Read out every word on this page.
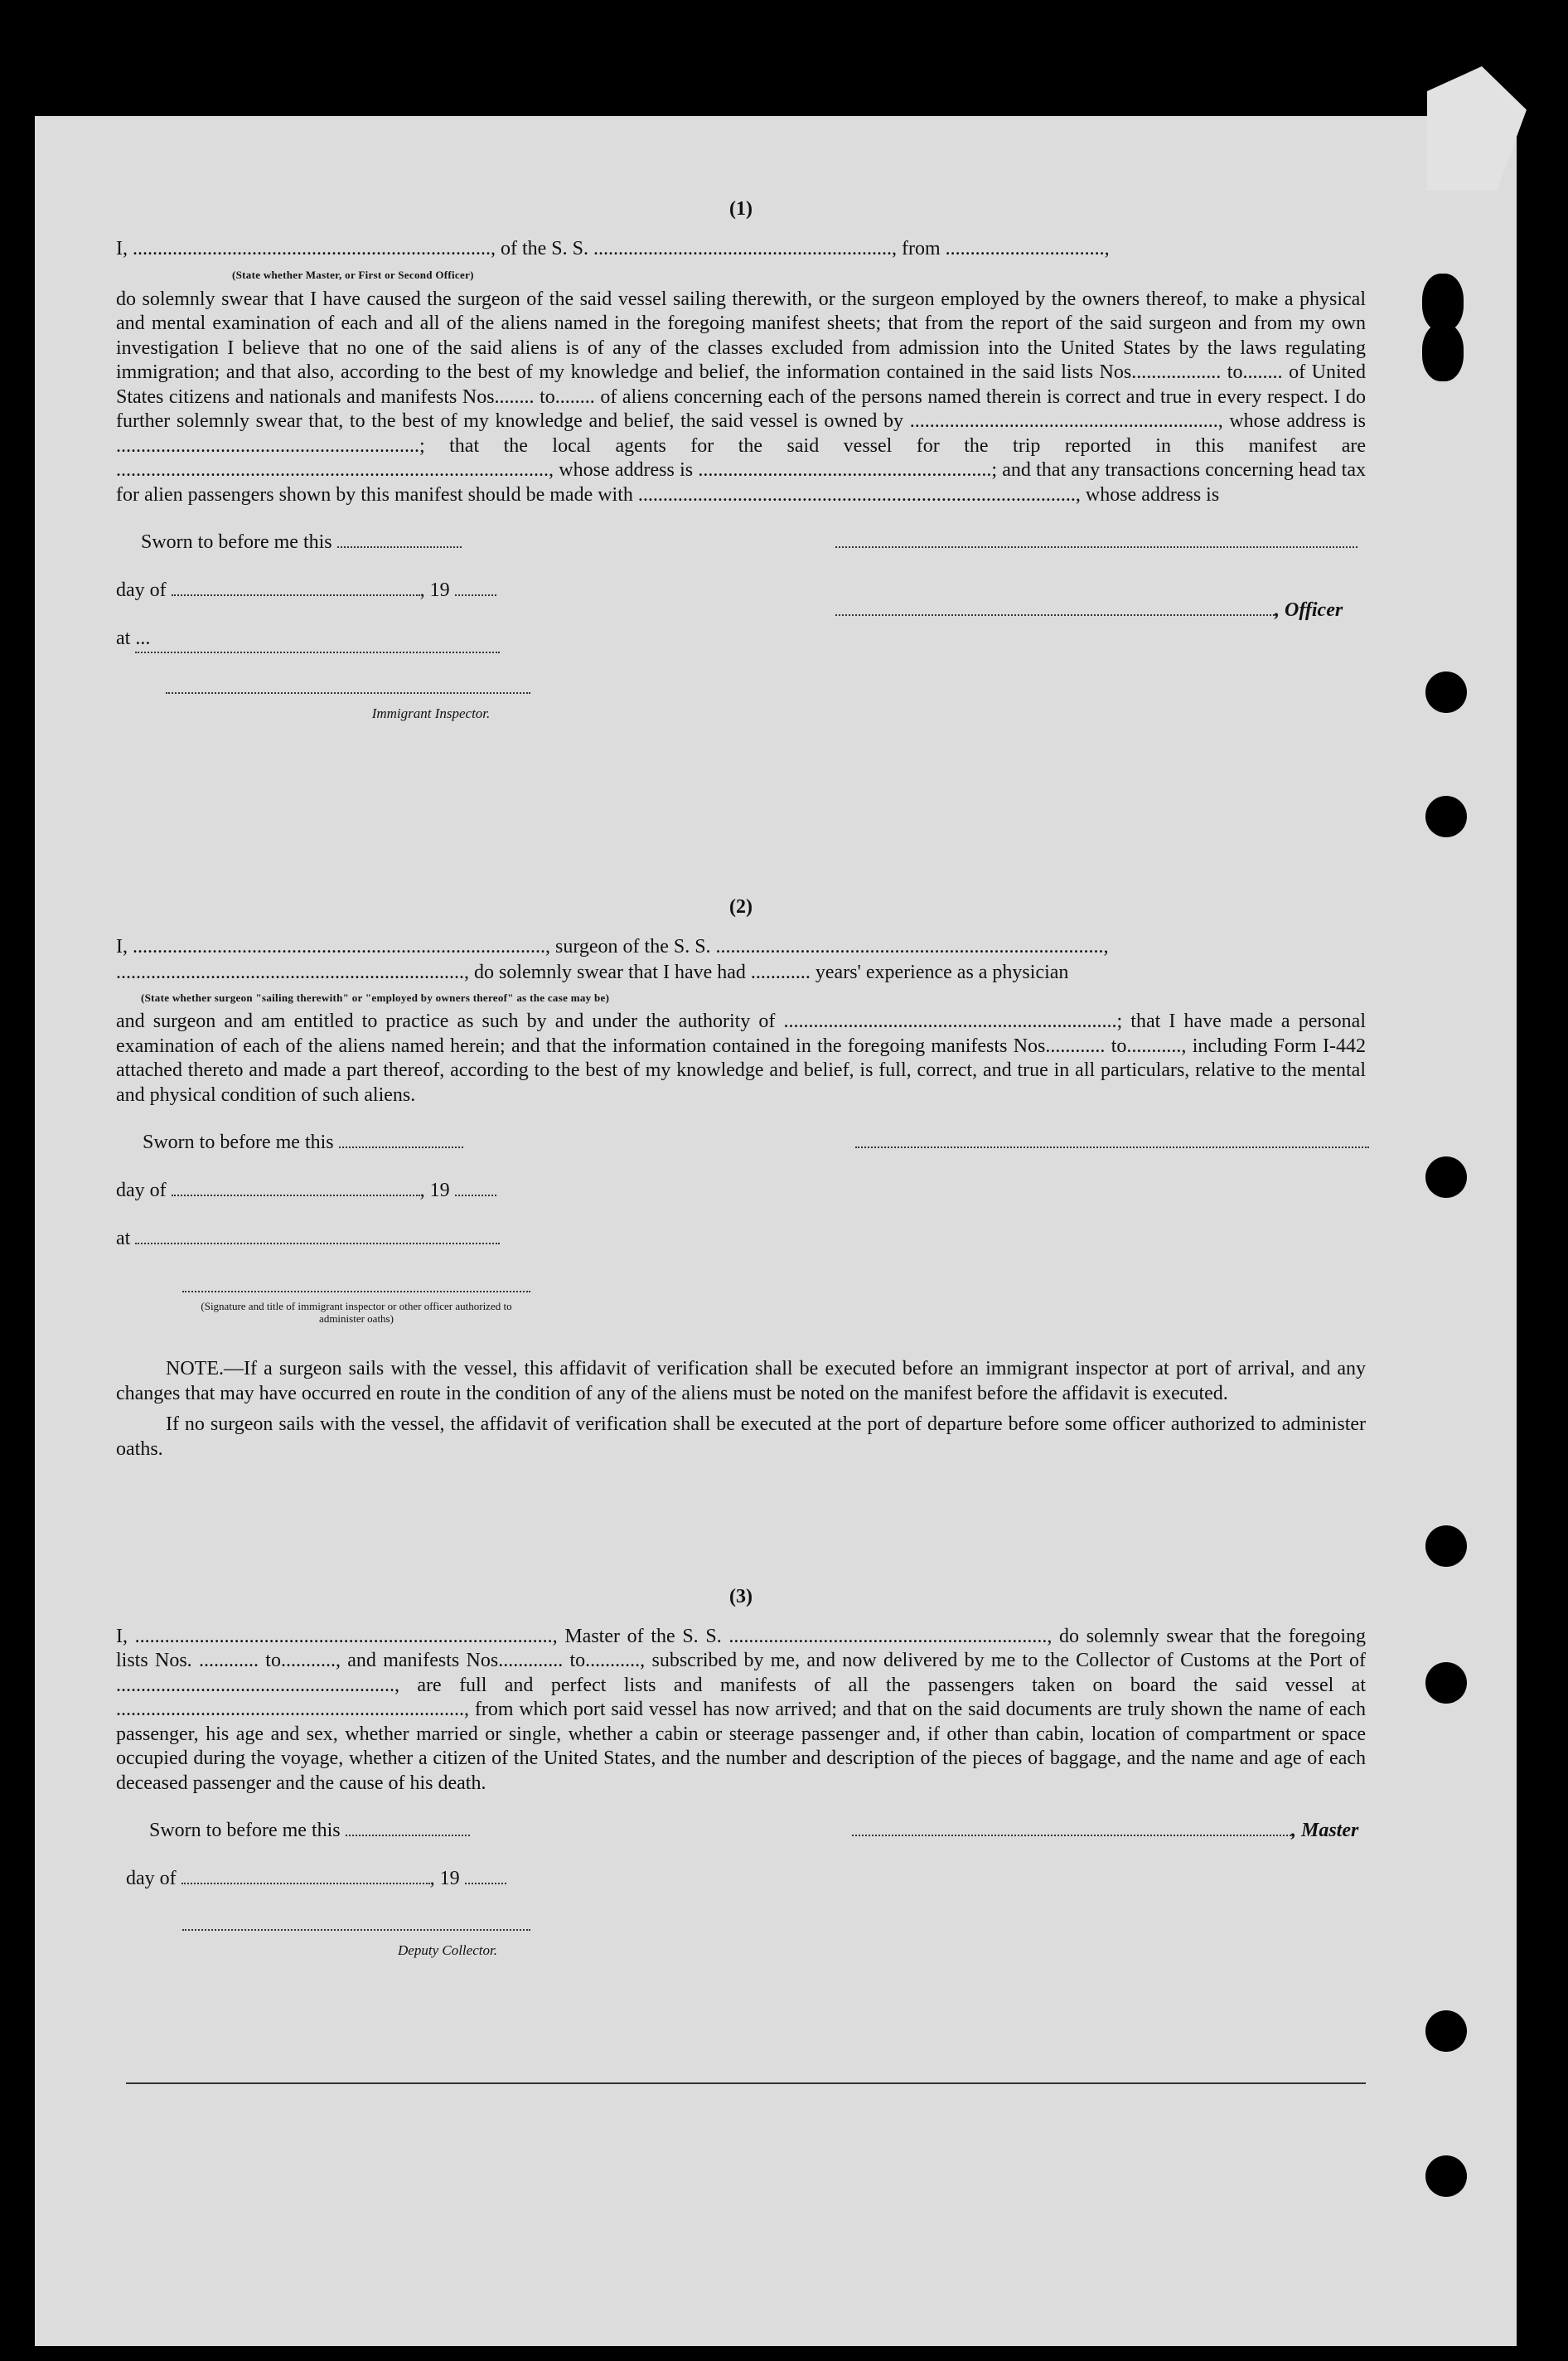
(1)

I, ........................................................................, of the S. S. ............................................................, from ................................,

(State whether Master, or First or Second Officer)

do solemnly swear that I have caused the surgeon of the said vessel sailing therewith, or the surgeon employed by the owners thereof, to make a physical and mental examination of each and all of the aliens named in the foregoing manifest sheets; that from the report of the said surgeon and from my own investigation I believe that no one of the said aliens is of any of the classes excluded from admission into the United States by the laws regulating immigration; and that also, according to the best of my knowledge and belief, the information contained in the said lists Nos.................. to........ of United States citizens and nationals and manifests Nos........ to........ of aliens concerning each of the persons named therein is correct and true in every respect. I do further solemnly swear that, to the best of my knowledge and belief, the said vessel is owned by .............................................................., whose address is .............................................................; that the local agents for the said vessel for the trip reported in this manifest are ......................................................................................., whose address is ...........................................................; and that any transactions concerning head tax for alien passengers shown by this manifest should be made with ........................................................................................, whose address is

Sworn to before me this
day of	, 19
at ...
Immigrant Inspector.
, Officer
(2)

I, ..................................................................................., surgeon of the S. S. ..............................................................................,

......................................................................, do solemnly swear that I have had ............ years' experience as a physician

(State whether surgeon "sailing therewith" or "employed by owners thereof" as the case may be)

and surgeon and am entitled to practice as such by and under the authority of ...................................................................; that I have made a personal examination of each of the aliens named herein; and that the information contained in the foregoing manifests Nos............ to..........., including Form I-442 attached thereto and made a part thereof, according to the best of my knowledge and belief, is full, correct, and true in all particulars, relative to the mental and physical condition of such aliens.

Sworn to before me this
day of	, 19
at
(Signature and title of immigrant inspector or other officer authorized to administer oaths)

NOTE.—If a surgeon sails with the vessel, this affidavit of verification shall be executed before an immigrant inspector at port of arrival, and any changes that may have occurred en route in the condition of any of the aliens must be noted on the manifest before the affidavit is executed.

If no surgeon sails with the vessel, the affidavit of verification shall be executed at the port of departure before some officer authorized to administer oaths.

(3)

I, ...................................................................................., Master of the S. S. ................................................................, do solemnly swear that the foregoing lists Nos. ............ to..........., and manifests Nos............. to..........., subscribed by me, and now delivered by me to the Collector of Customs at the Port of ........................................................, are full and perfect lists and manifests of all the passengers taken on board the said vessel at ......................................................................, from which port said vessel has now arrived; and that on the said documents are truly shown the name of each passenger, his age and sex, whether married or single, whether a cabin or steerage passenger and, if other than cabin, location of compartment or space occupied during the voyage, whether a citizen of the United States, and the number and description of the pieces of baggage, and the name and age of each deceased passenger and the cause of his death.

Sworn to before me this
day of	, 19
Deputy Collector.
, Master
